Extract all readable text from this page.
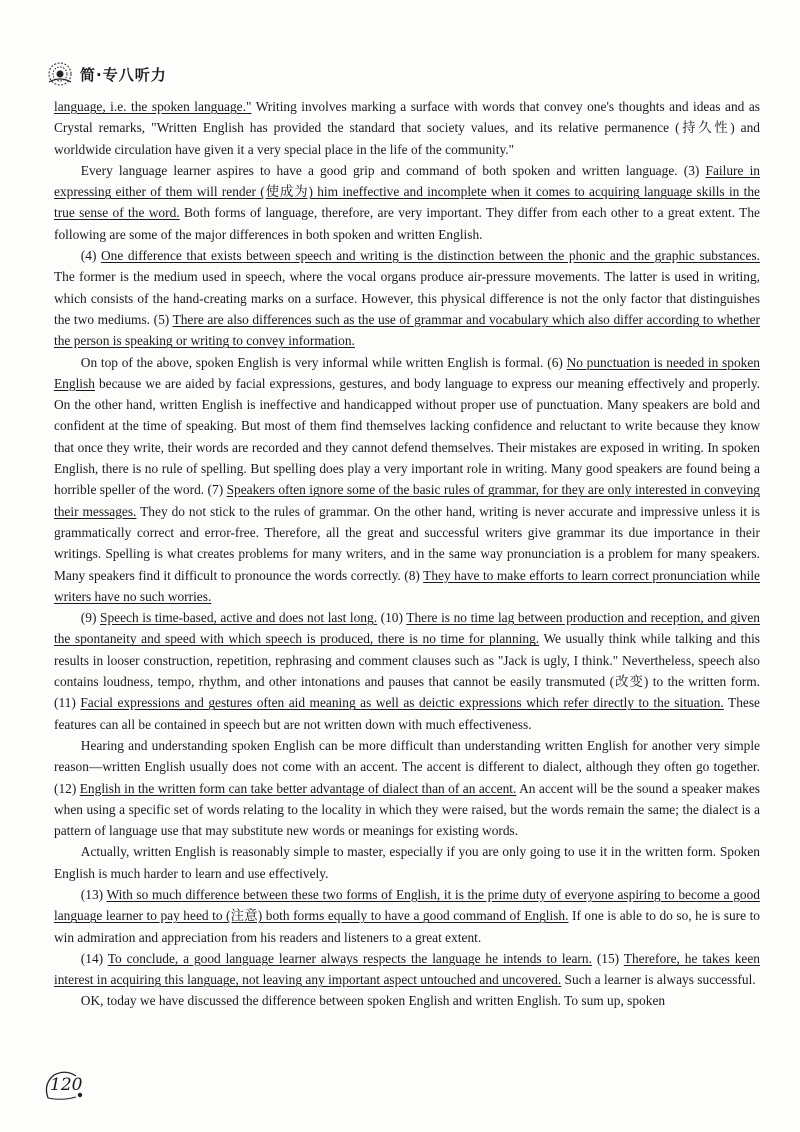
简·专八听力

language, i.e. the spoken language." Writing involves marking a surface with words that convey one's thoughts and ideas and as Crystal remarks, "Written English has provided the standard that society values, and its relative permanence (持久性) and worldwide circulation have given it a very special place in the life of the community."

Every language learner aspires to have a good grip and command of both spoken and written language. (3) Failure in expressing either of them will render (使成为) him ineffective and incomplete when it comes to acquiring language skills in the true sense of the word. Both forms of language, therefore, are very important. They differ from each other to a great extent. The following are some of the major differences in both spoken and written English.

(4) One difference that exists between speech and writing is the distinction between the phonic and the graphic substances. The former is the medium used in speech, where the vocal organs produce air-pressure movements. The latter is used in writing, which consists of the hand-creating marks on a surface. However, this physical difference is not the only factor that distinguishes the two mediums. (5) There are also differences such as the use of grammar and vocabulary which also differ according to whether the person is speaking or writing to convey information.

On top of the above, spoken English is very informal while written English is formal. (6) No punctuation is needed in spoken English because we are aided by facial expressions, gestures, and body language to express our meaning effectively and properly. On the other hand, written English is ineffective and handicapped without proper use of punctuation. Many speakers are bold and confident at the time of speaking. But most of them find themselves lacking confidence and reluctant to write because they know that once they write, their words are recorded and they cannot defend themselves. Their mistakes are exposed in writing. In spoken English, there is no rule of spelling. But spelling does play a very important role in writing. Many good speakers are found being a horrible speller of the word. (7) Speakers often ignore some of the basic rules of grammar, for they are only interested in conveying their messages. They do not stick to the rules of grammar. On the other hand, writing is never accurate and impressive unless it is grammatically correct and error-free. Therefore, all the great and successful writers give grammar its due importance in their writings. Spelling is what creates problems for many writers, and in the same way pronunciation is a problem for many speakers. Many speakers find it difficult to pronounce the words correctly. (8) They have to make efforts to learn correct pronunciation while writers have no such worries.

(9) Speech is time-based, active and does not last long. (10) There is no time lag between production and reception, and given the spontaneity and speed with which speech is produced, there is no time for planning. We usually think while talking and this results in looser construction, repetition, rephrasing and comment clauses such as "Jack is ugly, I think." Nevertheless, speech also contains loudness, tempo, rhythm, and other intonations and pauses that cannot be easily transmuted (改变) to the written form. (11) Facial expressions and gestures often aid meaning as well as deictic expressions which refer directly to the situation. These features can all be contained in speech but are not written down with much effectiveness.

Hearing and understanding spoken English can be more difficult than understanding written English for another very simple reason—written English usually does not come with an accent. The accent is different to dialect, although they often go together. (12) English in the written form can take better advantage of dialect than of an accent. An accent will be the sound a speaker makes when using a specific set of words relating to the locality in which they were raised, but the words remain the same; the dialect is a pattern of language use that may substitute new words or meanings for existing words.

Actually, written English is reasonably simple to master, especially if you are only going to use it in the written form. Spoken English is much harder to learn and use effectively.

(13) With so much difference between these two forms of English, it is the prime duty of everyone aspiring to become a good language learner to pay heed to (注意) both forms equally to have a good command of English. If one is able to do so, he is sure to win admiration and appreciation from his readers and listeners to a great extent.

(14) To conclude, a good language learner always respects the language he intends to learn. (15) Therefore, he takes keen interest in acquiring this language, not leaving any important aspect untouched and uncovered. Such a learner is always successful.

OK, today we have discussed the difference between spoken English and written English. To sum up, spoken

120
